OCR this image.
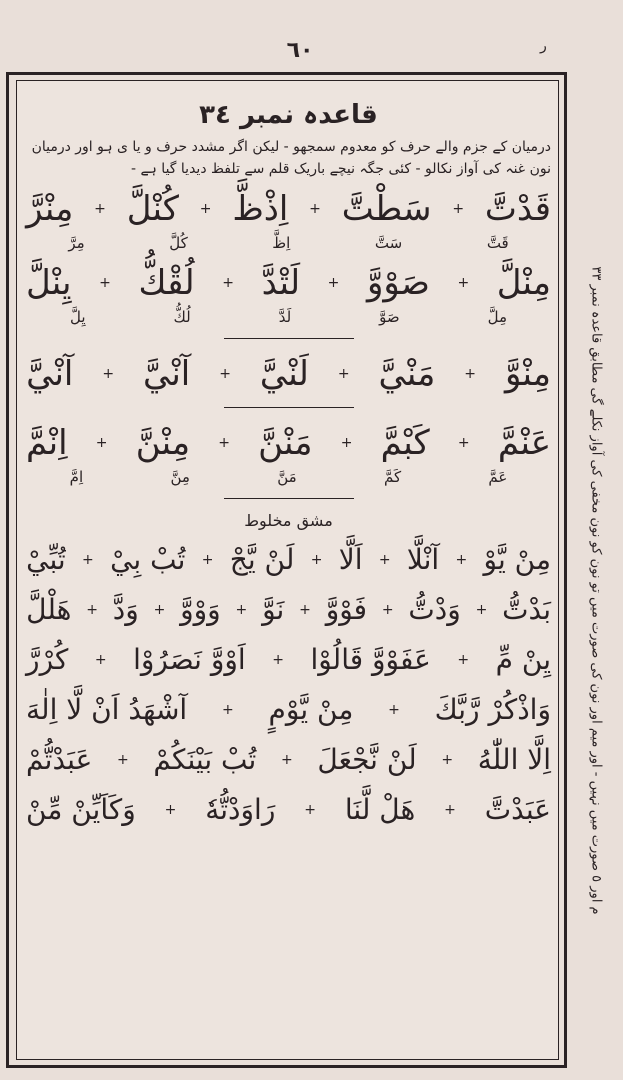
٦٠	ر
قاعدہ نمبر ٣٤
درمیان کے جزم والے حرف کو معدوم سمجھو - لیکن اگر مشدد حرف و یا ی ہو اور درمیان نون غنہ کی آواز نکالو - کئی جگہ نیچے باریک قلم سے تلفظ دیدیا گیا ہے -
قَدْتَّ
+
سَطْتَّ
+
اِذْظَّ
+
كُنْلَّ
+
مِنْرَّ
قَتَّ
سَتَّ
اِظَّ
كُلَّ
مِرَّ
مِنْلَّ
+
صَوْوَّ
+
لَتْدَّ
+
لُقْكُّ
+
يِنْلَّ
مِلَّ
صَوَّ
لَدَّ
لُكُّ
يِلَّ
مِنْوَّ
+
مَنْيَّ
+
لَنْيَّ
+
آنْيَّ
+
آنْيَّ
عَنْمَّ
+
كَبْمَّ
+
مَنْنَّ
+
مِنْنَّ
+
اِنْمَّ
عَمَّ
كَمَّ
مَنَّ
مِنَّ
اِمَّ
مشق مخلوط
مِنْ يَّوْ
+
آنْلَّا
+
اَلَّا
+
لَنْ يَّجْ
+
تُبْ بِيْ
+
تُبِّيْ
بَدْتُّ
+
وَدْتُّ
+
فَوْوَّ
+
نَوَّ
+
وَوْوَّ
+
وَدَّ
+
هَلْلَّ
يِنْ مِّ
+
عَفَوْوَّ قَالُوْا
+
اَوْوَّ نَصَرُوْا
+
كُرْرَّ
وَاذْكُرْ رَّبَّكَ
+
مِنْ يَّوْمٍ
+
آشْهَدُ اَنْ لَّا اِلٰهَ
اِلَّا اللّٰهُ
+
لَنْ نَّجْعَلَ
+
تُبْ بَيْنَكُمْ
+
عَبَدْتُّمْ
عَبَدْتَّ
+
هَلْ لَّنَا
+
رَاوَدْتُّهٗ
+
وَكَاَيِّنْ مِّنْ
م اور ٥ صورت میں نہیں - اور میم اور نون کی صورت میں تو نون کو نون مخفی کی آواز نکلے گی مطابق قاعدہ نمبر ٣٣
